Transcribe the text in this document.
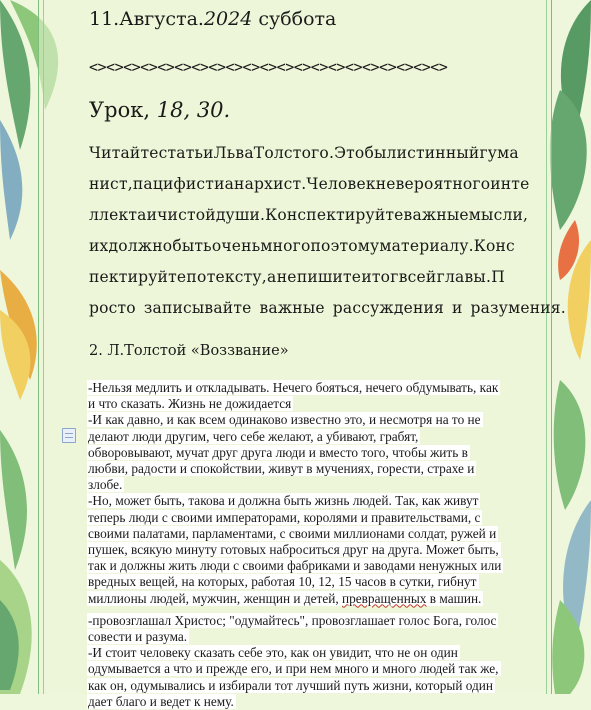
11.Августа.2024 суббота
<><><><><><><><><><><><><><><><><><><><><>
Урок, 18, 30.
Читайте статьи Льва Толстого. Это был истинный гума
нист, пацифист и анархист. Человек невероятного инте
ллекта и чистой души. Конспектируйте важные мысли,
их должно быть очень много по этому материалу. Конс
пектируйте по тексту, а не пишите итог всей главы. П
росто записывайте важные рассуждения и разумения.
2. Л.Толстой «Воззвание»

-Нельзя медлить и откладывать. Нечего бояться, нечего обдумывать, как и что сказать. Жизнь не дожидается

-И как давно, и как всем одинаково известно это, и несмотря на то не делают люди другим, чего себе желают, а убивают, грабят, обворовывают, мучат друг друга люди и вместо того, чтобы жить в любви, радости и спокойствии, живут в мучениях, горести, страхе и злобе.

-Но, может быть, такова и должна быть жизнь людей. Так, как живут теперь люди с своими императорами, королями и правительствами, с своими палатами, парламентами, с своими миллионами солдат, ружей и пушек, всякую минуту готовых наброситься друг на друга. Может быть, так и должны жить люди с своими фабриками и заводами ненужных или вредных вещей, на которых, работая 10, 12, 15 часов в сутки, гибнут миллионы людей, мужчин, женщин и детей, превращенных в машин.

-провозглашал Христос; "одумайтесь", провозглашает голос Бога, голос совести и разума.

-И стоит человеку сказать себе это, как он увидит, что не он один одумывается а что и прежде его, и при нем много и много людей так же, как он, одумывались и избирали тот лучший путь жизни, который один дает благо и ведет к нему.
